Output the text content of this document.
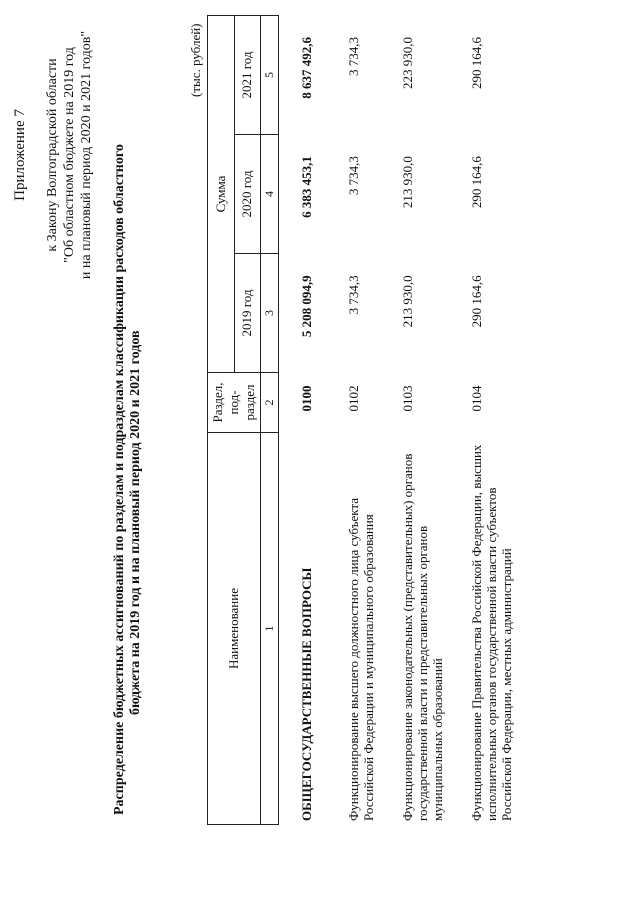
Приложение 7 к Закону Волгоградской области "Об областном бюджете на 2019 год и на плановый период 2020 и 2021 годов" Распределение бюджетных ассигнований по разделам и подразделам классификации расходов областного бюджета на 2019 год и на плановый период 2020 и 2021 годов
(тыс. рублей)
Наименование	Раздел, под- раздел	Сумма		
		2019 год	2020 год	2021 год
1	2	3	4	5
ОБЩЕГОСУДАРСТВЕННЫЕ ВОПРОСЫ	0100	5 208 094,9	6 383 453,1	8 637 492,6
Функционирование высшего должностного лица субъекта Российской Федерации и муниципального образования	0102	3 734,3	3 734,3	3 734,3
Функционирование законодательных (представительных) органов государственной власти и представительных органов муниципальных образований	0103	213 930,0	213 930,0	223 930,0
Функционирование Правительства Российской Федерации, высших исполнительных органов государственной власти субъектов Российской Федерации, местных администраций	0104	290 164,6	290 164,6	290 164,6
